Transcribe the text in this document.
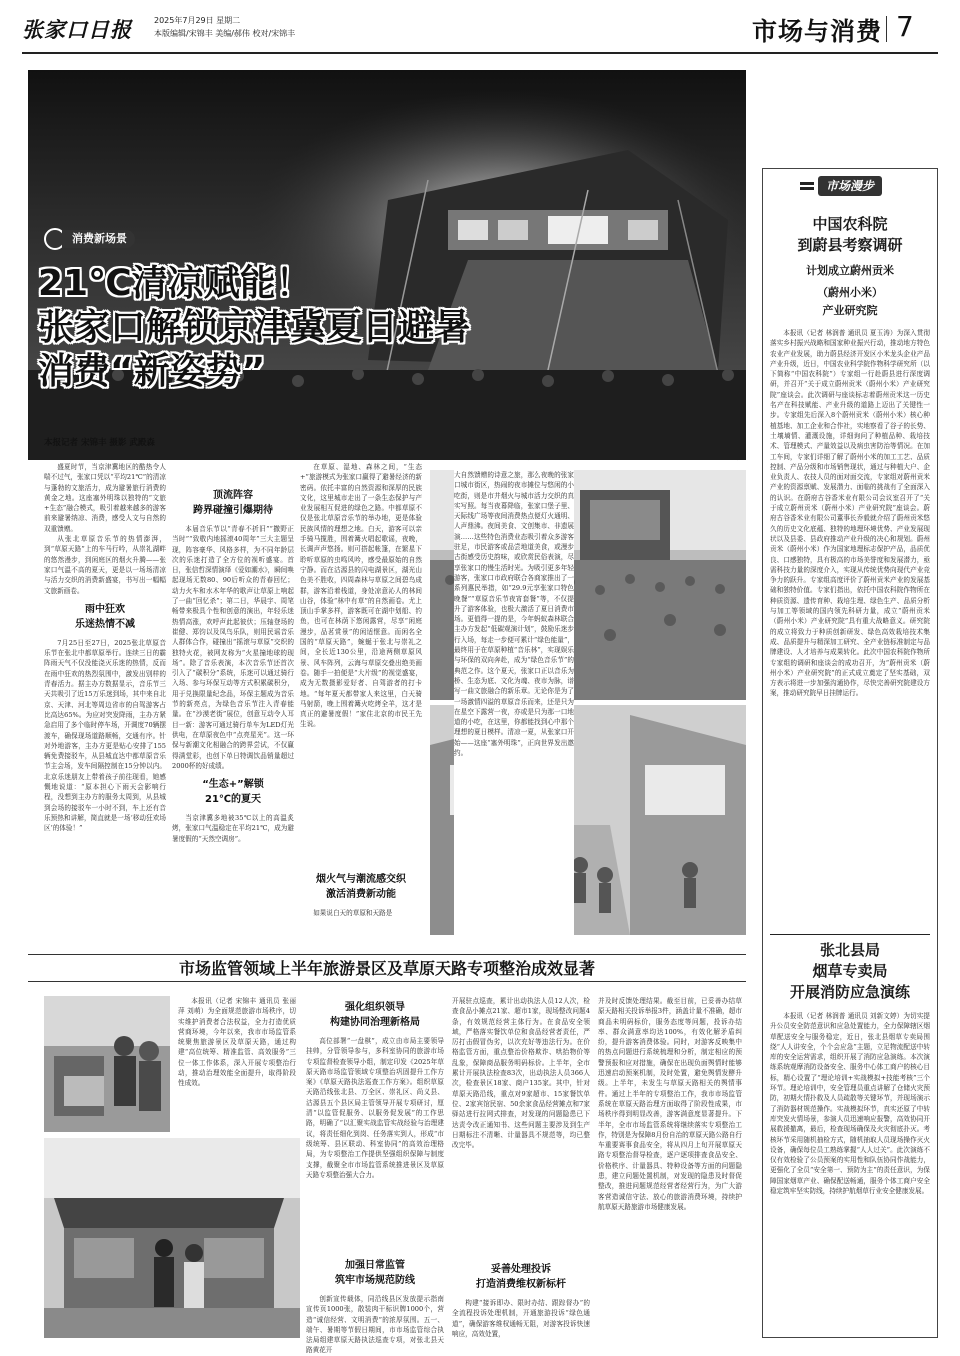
张家口日报	2025年7月29日 星期二
本版编辑/宋锦丰 美编/郝伟 校对/宋锦丰	市场与消费 7
消费新场景
21℃清凉赋能！
张家口解锁京津冀夏日避暑
消费“新姿势”
本报记者 宋锦丰 摄影 武殿森

盛夏时节，当京津冀地区的酷热令人喘不过气，张家口凭以“平均21℃”的清凉与蓬勃的文旅活力，成为避暑旅行消费的黄金之地。这座塞外明珠以独特的“文旅+生态”融合模式，吸引着越来越多的游客前来避暑纳凉、消费，感受人文与自然的双重馈赠。

从张北草原音乐节的热情澎湃，到“草原天路”上的车马行吟，从崇礼湖畔的悠然漫步，到闲庭区的烟火升腾——张家口气温不高的夏天，更是以一场场清凉与活力交织的消费新盛宴，书写出一幅幅文旅新画卷。

雨中狂欢
乐迷热情不减

7月25日至27日，2025张北草原音乐节在张北中都草原举行。连续三日的霸阵雨天气不仅没能浇灭乐迷的热情，反而在雨中狂欢的热烈氛围中，激发出别样的青春活力。据主办方数据显示，音乐节三天共吸引了近15万乐迷到场，其中来自北京、天津、河北等周边省市的自驾游客占比高达65%。为应对突发降雨，主办方紧急启用了多个临时停车场，开调度70辆摆渡车，确保现场道路顺畅，交通有序。针对外地游客，主办方更是贴心安排了155辆免费接驳车，从县城直达中都草原音乐节主会场，发车间隔控制在15分钟以内。北京乐迷朋友上带着孩子前往现看，她感慨地说道：“原本担心下雨天会影响行程，没想到主办方的服务太周到，从县城到会场的接驳车一小时不到，车上还有音乐预热和讲解，简直就是一场‘移动狂欢场区’的体验！”

顶流阵容
跨界碰撞引爆期待

本届音乐节以“青春不折旧”“撒野正当时”“致敬内地摇滚40周年”三大主题呈现，阵容豪华、风格多样，为不同年龄层次的乐迷打造了全方位的视听盛宴。首日，张信哲深情演绎《爱如潮水》，瞬间唤起现场无数80、90后听众的青春回忆；动力火车和水木年华的歌声让草原上响起了一曲“回忆杀”；第二日，华晨宇、周笔畅带来极具个性和创意的演出，年轻乐迷热情高涨，欢呼声此起彼伏；压轴登场的崔健、郑钧以及凤鸟乐队，则用民谣音乐人群体合作，碰撞出“摇滚与草原”交织的独特火花，被网友称为“火星撞地球的现场”。除了音乐表演，本次音乐节还首次引入了“碳积分”系统，乐迷可以通过骑行入场、参与环保互动等方式积累碳积分，用于兑换限量纪念品，环保主题成为音乐节的新亮点，为绿色音乐节注入青春能量。在“沙漠老街”展位，创意互动令人耳目一新：游客可通过骑行单车为LED灯光供电，在草原夜色中“点亮星光”。这一环保与新潮文化相融合的跨界尝试，不仅赢得满堂彩，也创下单日特调饮品销量超过2000杯的好成绩。

“生态+”解锁
21℃的夏天

当京津冀多地被35℃以上的高温炙烤，张家口气温稳定在平均21℃，成为避暑度假的“天然空调房”。

在草原、湿地、森林之间，“生态+”旅游模式为张家口赢得了避暑经济的新密码。依托丰富的自然资源和深厚的民族文化，这里城市走出了一条生态保护与产业发展相互促进的绿色之路。中都草原不仅是张北草原音乐节的举办地，更是体验民族风情的理想之地。白天，游客可以亲手骑马揽胜，围着篝火唱起歌谣，夜晚，长调声声悠扬。则可搭起帐篷，在繁星下聆听草原的虫鸣风吟，感受最原始的自然宁静。而在沽源县的闪电湖景区，湖光山色美不胜收，四周森林与草原之间碧鸟成群，游客沿着栈道，身处凉意沁人的林间山谷，体验“林中有草”的自然画卷。尤上顶山手掌多样，游客既可在湖中划船、钓鱼，也可在林荫下悠闲露营，尽享“闲庭漫步，品茗赏景”的闲适惬意。而闲名全国的“草原天路”，蜿蜒于张北与崇礼之间，全长近130公里，沿途两侧草原风景、风车阵列，云海与草原交叠出绝美画卷。随手一拍便是“大片级”的视觉盛宴，成为无数摄影爱好者、自驾游者的打卡地。“每年夏天都带家人来这里，白天骑马射箭，晚上围着篝火吃烤全羊，这才是真正的避暑度假！”家住北京的市民王先生说。

烟火气与潮流感交织
激活消费新动能

如果说白天的草原和天路是

大自然馈赠的诗意之旅，那么夜晚的张家口城市街区，热闹的夜市摊位与悠闲的小吃街，则是市井烟火与城市活力交织的真实写照。每当夜幕降临，张家口堡子里、天际线广场等夜间消费热点便灯火通明、人声鼎沸。夜间美食、文创集市、非遗展演……这些特色消费业态吸引着众多游客驻足，市民游客或品尝地道美食，或漫步古街感受历史韵味，或欣赏民俗表演，尽享张家口的慢生活时光。为吸引更多年轻游客，张家口市政府联合各商家推出了一系列惠民举措，如“29.9元享张家口特色晚餐”“草原音乐节夜宵套餐”等，不仅提升了游客体验，也极大激活了夏日消费市场。更值得一提的是，今年蚂蚁森林联合主办方发起“低碳观演计划”，鼓励乐迷步行入场，每走一步便可累计“绿色能量”，最终用于在草原种植“音乐林”，实现娱乐与环保的双向奔赴，成为“绿色音乐节”的典范之作。这个夏天，张家口正以音乐为桥、生态为底、文化为魂、夜市为脉，谱写一曲文旅融合的新乐章。无论你是为了一场激情四溢的草原音乐而来，还是只为在星空下露营一夜，亦或是只为那一口地道的小吃，在这里，你都能找到心中那个理想的夏日模样。清凉一夏，从张家口开始——这座“塞外明珠”，正向世界发出邀约。

市场漫步
中国农科院
到蔚县考察调研
计划成立蔚州贡米
（蔚州小米）
产业研究院

本报讯（记者 林润普 通讯员 夏玉涛）为深入贯彻落实乡村振兴战略和国家种业振兴行动，推动地方特色农业产业发展，助力蔚县经济开发区小米龙头企业产品产业升级，近日，中国农业科学院作物科学研究所（以下简称“中国农科院”）专家组一行赴蔚县进行深度调研，并召开“关于成立蔚州贡米（蔚州小米）产业研究院”座谈会。此次调研与座谈标志着蔚州贡米这一历史名产在科技赋能、产业升级的道路上迈出了关键性一步。专家组先后深入8个蔚州贡米（蔚州小米）核心种植基地、加工企业和合作社，实地察看了谷子的长势、土壤墒情、灌溉设施，详细询问了种植品种、栽培技术、管理模式、产量效益以及病虫害防治等情况。在加工车间，专家们详细了解了蔚州小米的加工工艺、品质控制、产品分级和市场销售现状，通过与种植大户、企业负责人、农技人员的面对面交流，专家组对蔚州贡米产业的资源禀赋、发展潜力、面临的挑战有了全面深入的认识。在蔚府古谷香米业有限公司会议室召开了“关于成立蔚州贡米（蔚州小米）产业研究院”座谈会。蔚府古谷香米业有限公司董事长乔毅就介绍了蔚州贡米悠久的历史文化底蕴、独特的地理环境优势、产业发展现状以及县委、县政府推动产业升级的决心和规划。蔚州贡米（蔚州小米）作为国家地理标志保护产品，品质优良、口感独特，具有极高的市场美誉度和发展潜力，亟需科技力量的深度介入，实现从传统优势向现代产业竞争力的跃升。专家组高度评价了蔚州贡米产业的发展基础和独特价值。专家们指出，依托中国农科院作物所在种质资源、遗传育种、栽培生理、绿色生产、品质分析与加工等领域的国内领先科研力量，成立“蔚州贡米（蔚州小米）产业研究院”具有重大战略意义。研究院的成立将致力于种质创新研发、绿色高效栽培技术集成、品质提升与精深加工研究、全产业链标准制定与品牌建设、人才培养与成果转化。此次中国农科院作物所专家组的调研和座谈会的成功召开，为“蔚州贡米（蔚州小米）产业研究院”的正式成立奠定了坚实基础，双方表示将进一步加强沟通协作，尽快完善研究院建设方案，推动研究院早日挂牌运行。

张北县局
烟草专卖局
开展消防应急演练

本报讯（记者 林润普 通讯员 刘新文婷）为切实提升公员安全防范意识和应急处置能力，全力保障辖区烟草配送安全与服务稳定，近日，张北县烟草专卖局围绕“人人讲安全，个个会应急”主题，立足物流配送中转库的安全运营需求，组织开展了消防应急演练。本次演练系统观摩消防设备安全、服务中心体工商户的核心目标，精心设置了“理论培训+实战模拟+技能考核”三个环节。理论培训中，安全管理员重点讲解了仓储火灾预防，初期火情扑救及人员疏散等关键环节，并现场演示了消防器材规范操作。实战模拟环节，真实还原了中转库突发火情场景，参演人员迅速响应报警，高效协同开展救援撤离，最后，检查现场确保及火灾彻底扑灭。考核环节采用随机抽检方式，随机抽取人员现场操作灭火设备，确保每位员工熟练掌握“人人过关”。此次演练不仅有效检验了公员预案的实用性和队伍协同作战能力，更强化了全员“安全第一、预防为主”的责任意识，为保障国家烟草产业、确保配送畅通，服务个体工商户安全稳定筑牢坚实防线，持续护航烟草行业安全健康发展。

市场监管领域上半年旅游景区及草原天路专项整治成效显著

本报讯（记者 宋锦丰 通讯员 张丽萍 刘萌）为全面规范旅游市场秩序，切实维护消费者合法权益，全力打造优质营商环境，今年以来，我市市场监管系统聚焦旅游景区及草原天路，通过构建“高位统筹、精准监管、高效服务”三位一体工作体系，深入开展专项整治行动，推动治理效能全面提升，取得阶段性成效。

强化组织领导
构建协同治理新格局

高位部署“一盘棋”，成立由市局主要领导挂帅，分管领导参与，多科室协同的旅游市场专项监督检查领导小组，制定印发《2025年草原天路市场监管领域专项整治巩固提升工作方案》《草原天路执法巡查工作方案》。组织草原天路沿线张北县、万全区、崇礼区、尚义县、沽源县五个县区局主管领导开展专项研讨，厘清“以监管促服务、以服务促发展”的工作思路，明确了“以汇聚实战监管实战经验与治理建议，将责任细化到岗、任务落实到人，形成“市级统筹、县区联动、科室协同”的高效治理格局，为专项整治工作提供坚强组织保障与制度支撑，截聚全市市场监管系统推进景区及草原天路专项整治强大合力。

加强日常监管
筑牢市场规范防线

创新宣传载体，同沿线县区发放提示指南宣传页1000张，散装肉干标识牌1000个，营造“诚信经营、文明消费”的浓厚氛围。五一、端午、暑期等节假日期间，市市场监管综合执法局组建草原天路执法巡查专项，对张北县天路黄花开

开展驻点巡查，累计出动执法人员12人次，检查食品小摊点21家、超市1家，现场整改问题4条，有效规范经营主体行为。在食品安全领域，严格落实餐饮单位和食品经营者责任，严厉打击假冒伪劣，以次充好等违法行为。在价格监管方面，重点整治价格欺诈、哄抬物价等乱象，保障商品服务明码标价。上半年，全市累计开展执法检查83次，出动执法人员366人次，检查景区18家、商户135家。其中，针对草原天路沿线，重点对9家超市、15家餐饮单位、2家宾馆民宿、50余家食品经营摊点和7家驿站进行拉网式排查，对发现的问题隐患已下达责令改正通知书、这些问题主要涉及到生产日期标注不清晰、计量器具不规范等，均已整改完毕。

妥善处理投诉
打造消费维权新标杆

构建“接诉即办、限时办结、跟踪督办”的全流程投诉处理机制，开通旅游投诉“绿色通道”，确保游客维权通畅无阻，对游客投诉快速响应，高效处置，

并及时反馈处理结果。截至目前，已妥善办结草原天路相关投诉举报3件，涵盖计量不准确，超市商品未明码标价，服务态度等问题，投诉办结率、群众满意率均达100%，有效化解矛盾纠纷，提升游客消费体验。同时，对游客反映集中的热点问题进行系统梳理和分析，制定相应的预警预报和应对措施，确保在出现负面舆情时能够迅速启动预案机制，及时处置，避免舆情发酵升级。上半年，未发生与草原天路相关的舆情事件。通过上半年的专项整治工作，我市市场监管系统在草原天路治理方面取得了阶段性成果，市场秩序得到明显改善，游客满意度显著提升。下半年，全市市场监管系统将继续落实专项整治工作，特别是为保障8月份自治的草原天路公路自行车重要赛事食品安全，将从四月上旬开展草原天路专项整治督导检查，逐户逐项排查食品安全、价格秩序、计量器具、特种设备等方面的问题隐患，建立问题处置机制，对发现的隐患及时督促整改，推进问题规范经营者经营行为，为广大游客营造诚信守法、放心的旅游消费环境，持续护航草原天路旅游市场健康发展。
